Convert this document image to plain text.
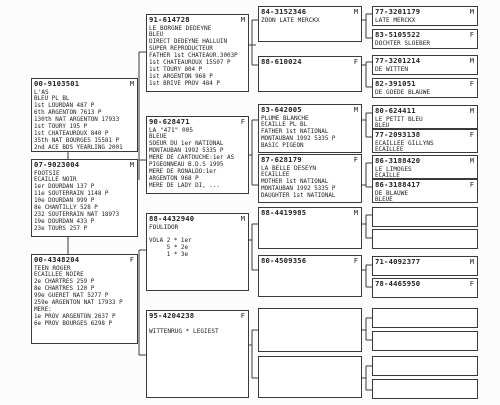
00-9103501	M
L'AS
BLEU PL BL
1st LOURDAN 487 P
6th ARGENTON 7613 P
130th NAT ARGENTON 17933
1st TOURY 195 P
1st CHATEAUROUX 840 P
35th NAT BOURGES 15581 P
2nd ACE BDS YEARLING 2001
07-9023004	M
FOOTSIE
ECAILLE NOIR
1er DOURDAN 137 P
11e SOUTERRAIN 1148 P
10e DOURDAN 999 P
8e CHANTILLY 528 P
232 SOUTERRAIN NAT 18973
19e DOURDAN 433 P
23e TOURS 257 P
00-4348204	F
TEEN ROGER
ECAILLEE NOIRE
2e CHARTRES 259 P
8e CHARTRES 120 P
99e GUERET NAT 5277 P
259e ARGENTON NAT 17933 P
MERE:
1e PROV ARGENTON 2637 P
6e PROV BOURGES 6298 P
91-614728	M
LE BORGNE DEDEYNE
BLEU
DIRECT DEDEYNE HALLUIN
SUPER REPRODUCTEUR
FATHER 1st CHATEAUR.3003P
1st CHATEAUROUX 15507 P
1st TOURY 804 P
1st ARGENTON 968 P
1st BRIVE PROV 484 P
90-628471	F
LA "471" 005
BLEUE
SOEUR DU 1er NATIONAL
MONTAUBAN 1992 5335 P
MERE DE CARTOUCHE:1er AS
PIGEONNEAU B.D.S 1995
MERE DE RONALDO:1er
ARGENTON 968 P
MERE DE LADY DI, ...
88-4432940	M
FOULIDOR
VOLA 2 * 1er
5 * 2e
1 * 3e
95-4204238	F
WITTENRUG * LEGIEST
84-3152346	M
ZOON LATE MERCKX
88-610024	F
83-642005	M
PLUME BLANCHE
ECAILLE PL BL
FATHER 1st NATIONAL
MONTAUBAN 1992 5335 P
BASIC PIGEON
87-628179	F
LA BELLE DESEYN
ECAILLEE
MOTHER 1st NATIONAL
MONTAUBAN 1992 5335 P
DAUGHTER 1st NATIONAL
88-4419985	M
80-4509356	F
77-3201179	M
LATE MERCKX
83-5105522	F
DOCHTER SLOEBER
77-3201214	M
DE WITTEN
82-391051	F
DE GOEDE BLAUWE
80-624411	M
LE PETIT BLEU
BLEU
77-2093138	F
ECAILLEE GILLYNS
ECAILLEE
86-3188420	M
LE LIMOGES
ECAILLE
86-3188417	F
DE BLAUWE
BLEUE
71-4092377	M
78-4465950	F
